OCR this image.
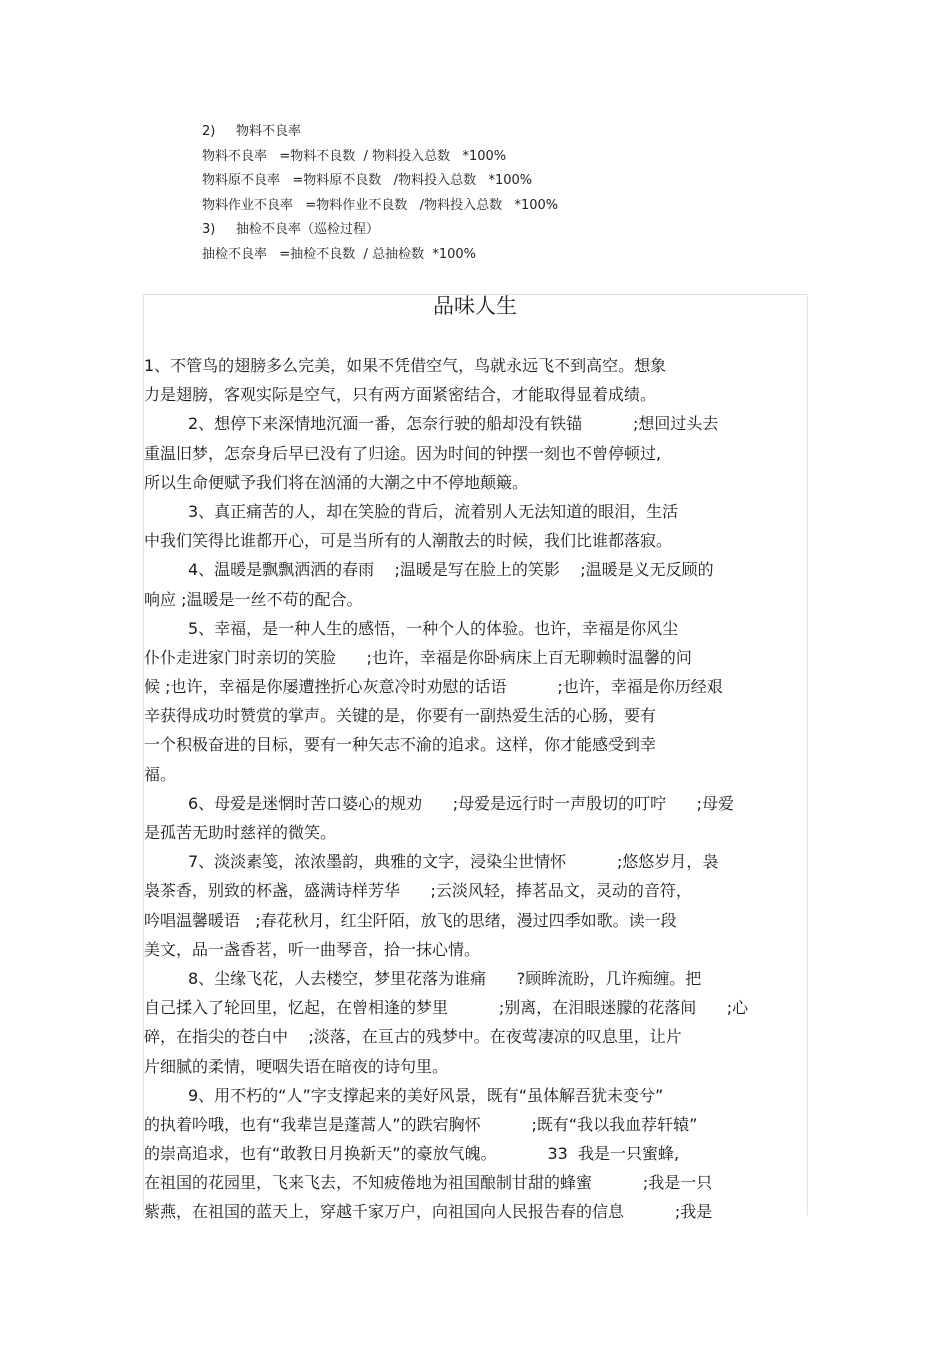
2)     物料不良率
物料不良率   =物料不良数  / 物料投入总数   *100%
物料原不良率   =物料原不良数   /物料投入总数   *100%
物料作业不良率   =物料作业不良数   /物料投入总数   *100%
3)     抽检不良率（巡检过程）
抽检不良率   =抽检不良数  / 总抽检数  *100%
品味人生
1、不管鸟的翅膀多么完美，如果不凭借空气，鸟就永远飞不到高空。想象
力是翅膀，客观实际是空气，只有两方面紧密结合，才能取得显着成绩。
2、想停下来深情地沉湎一番，怎奈行驶的船却没有铁锚          ;想回过头去
重温旧梦，怎奈身后早已没有了归途。因为时间的钟摆一刻也不曾停顿过,
所以生命便赋予我们将在汹涌的大潮之中不停地颠簸。
3、真正痛苦的人，却在笑脸的背后，流着别人无法知道的眼泪，生活
中我们笑得比谁都开心，可是当所有的人潮散去的时候，我们比谁都落寂。
4、温暖是飘飘洒洒的春雨    ;温暖是写在脸上的笑影    ;温暖是义无反顾的
响应 ;温暖是一丝不苟的配合。
5、幸福，是一种人生的感悟，一种个人的体验。也许，幸福是你风尘
仆仆走进家门时亲切的笑脸      ;也许，幸福是你卧病床上百无聊赖时温馨的问
候 ;也许，幸福是你屡遭挫折心灰意冷时劝慰的话语          ;也许，幸福是你历经艰
辛获得成功时赞赏的掌声。关键的是，你要有一副热爱生活的心肠，要有
一个积极奋进的目标，要有一种矢志不渝的追求。这样，你才能感受到幸
福。
6、母爱是迷惘时苦口婆心的规劝      ;母爱是远行时一声殷切的叮咛      ;母爱
是孤苦无助时慈祥的微笑。
7、淡淡素笺，浓浓墨韵，典雅的文字，浸染尘世情怀          ;悠悠岁月，袅
袅茶香，别致的杯盏，盛满诗样芳华      ;云淡风轻，捧茗品文，灵动的音符，
吟唱温馨暖语   ;春花秋月，红尘阡陌，放飞的思绪，漫过四季如歌。读一段
美文，品一盏香茗，听一曲琴音，拾一抹心情。
8、尘缘飞花，人去楼空，梦里花落为谁痛      ?顾眸流盼，几许痴缠。把
自己揉入了轮回里，忆起，在曾相逢的梦里          ;别离，在泪眼迷朦的花落间      ;心
碎，在指尖的苍白中    ;淡落，在亘古的残梦中。在夜莺凄凉的叹息里，让片
片细腻的柔情，哽咽失语在暗夜的诗句里。
9、用不朽的“人”字支撑起来的美好风景，既有“虽体解吾犹未变兮”
的执着吟哦，也有“我辈岂是蓬蒿人”的跌宕胸怀          ;既有“我以我血荐轩辕”
的崇高追求，也有“敢教日月换新天”的豪放气魄。          33  我是一只蜜蜂,
在祖国的花园里，飞来飞去，不知疲倦地为祖国酿制甘甜的蜂蜜          ;我是一只
紫燕，在祖国的蓝天上，穿越千家万户，向祖国向人民报告春的信息          ;我是
